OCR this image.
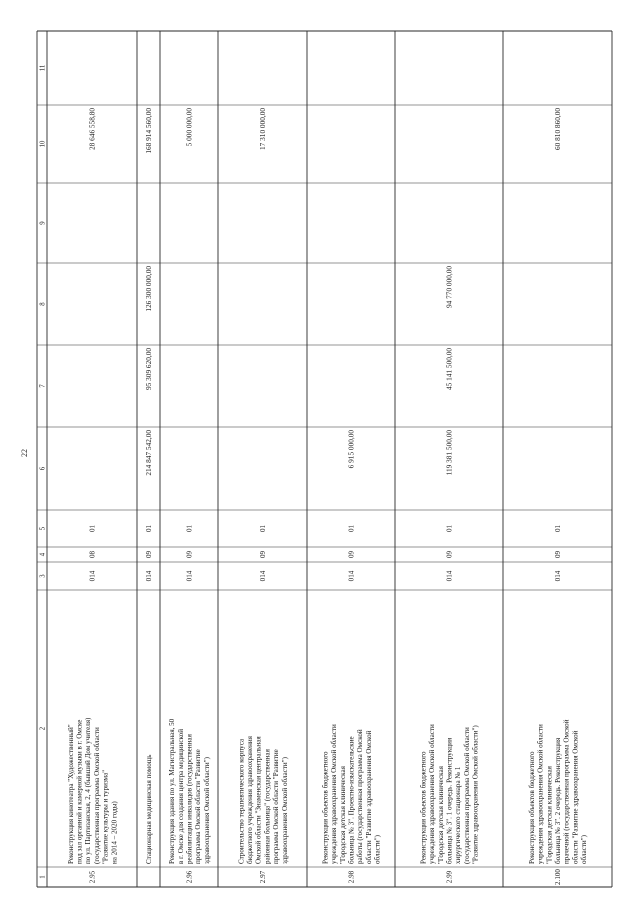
22
1
2
3
4
5
6
7
8
9
10
11
2.95
Реконструкция кинотеатра "Художественный" под зал органной и камерной музыки в г. Омске по ул. Партизанская, 2, 4 (бывший Дом учителя) (государственная программа Омской области "Развитие культуры и туризма" на 2014 – 2020 годы)
014
08
01
28 646 558,80
Стационарная медицинская помощь
014
09
01
214 847 542,00
95 309 620,00
126 300 000,00
168 914 560,00
2.96
Реконструкция здания по ул. Магистральная, 50 в г. Омске для создания центра медицинской реабилитации инвалидов (государственная программа Омской области "Развитие здравоохранения Омской области")
014
09
01
5 000 000,00
2.97
Строительство терапевтического корпуса бюджетного учреждения здравоохранения Омской области "Знаменская центральная районная больница" (государственная программа Омской области "Развитие здравоохранения Омской области")
014
09
01
17 310 000,00
2.98
Реконструкция объектов бюджетного учреждения здравоохранения Омской области "Городская детская клиническая больница № 3". Проектно-изыскательские работы (государственная программа Омской области "Развитие здравоохранения Омской области")
014
09
01
6 915 000,00
2.99
Реконструкция объектов бюджетного учреждения здравоохранения Омской области "Городская детская клиническая больница № 3". 1 очередь. Реконструкция хирургического стационара № 1 (государственная программа Омской области "Развитие здравоохранения Омской области")
014
09
01
119 381 500,00
45 141 500,00
94 770 000,00
2.100
Реконструкция объектов бюджетного учреждения здравоохранения Омской области "Городская детская клиническая больница № 3". 2 очередь. Реконструкция прачечной (государственная программа Омской области "Развитие здравоохранения Омской области")
014
09
01
60 810 860,00
